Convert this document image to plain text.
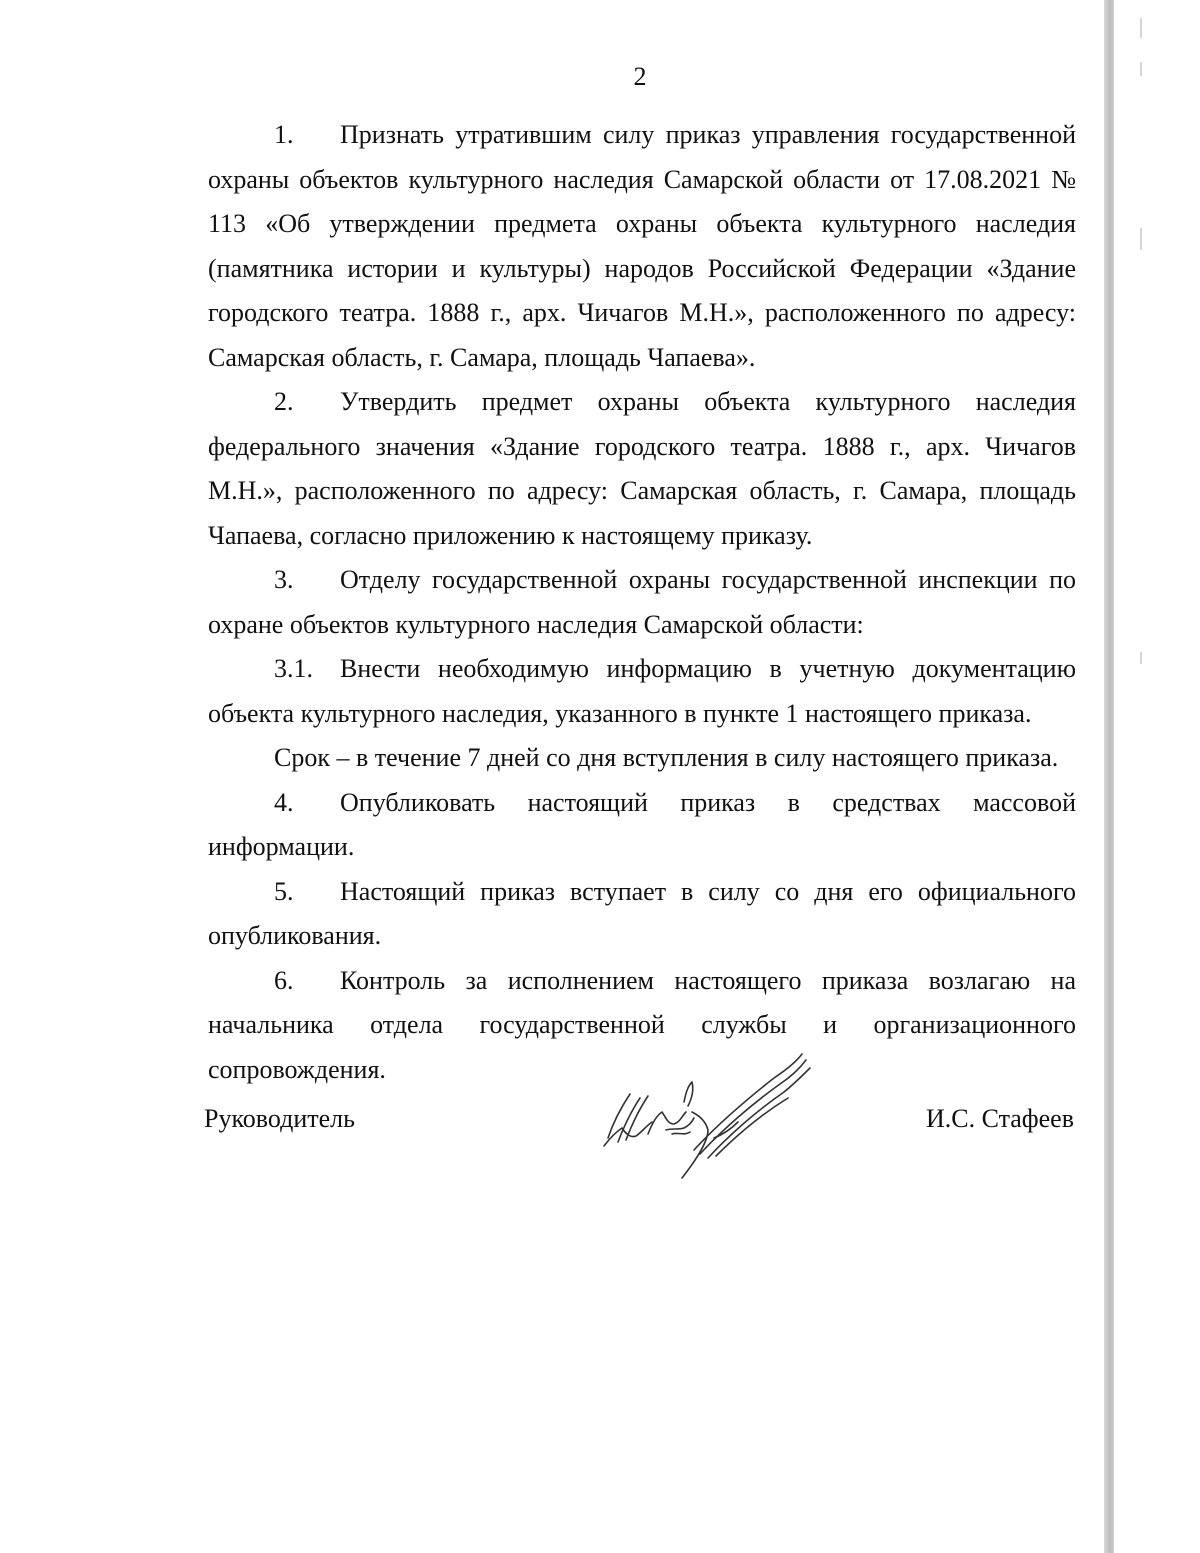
2

1. Признать утратившим силу приказ управления государственной охраны объектов культурного наследия Самарской области от 17.08.2021 № 113 «Об утверждении предмета охраны объекта культурного наследия (памятника истории и культуры) народов Российской Федерации «Здание городского театра. 1888 г., арх. Чичагов М.Н.», расположенного по адресу: Самарская область, г. Самара, площадь Чапаева».

2. Утвердить предмет охраны объекта культурного наследия федерального значения «Здание городского театра. 1888 г., арх. Чичагов М.Н.», расположенного по адресу: Самарская область, г. Самара, площадь Чапаева, согласно приложению к настоящему приказу.

3. Отделу государственной охраны государственной инспекции по охране объектов культурного наследия Самарской области:

3.1. Внести необходимую информацию в учетную документацию объекта культурного наследия, указанного в пункте 1 настоящего приказа.

Срок – в течение 7 дней со дня вступления в силу настоящего приказа.

4. Опубликовать настоящий приказ в средствах массовой информации.

5. Настоящий приказ вступает в силу со дня его официального опубликования.

6. Контроль за исполнением настоящего приказа возлагаю на начальника отдела государственной службы и организационного сопровождения.

Руководитель	И.С. Стафеев
